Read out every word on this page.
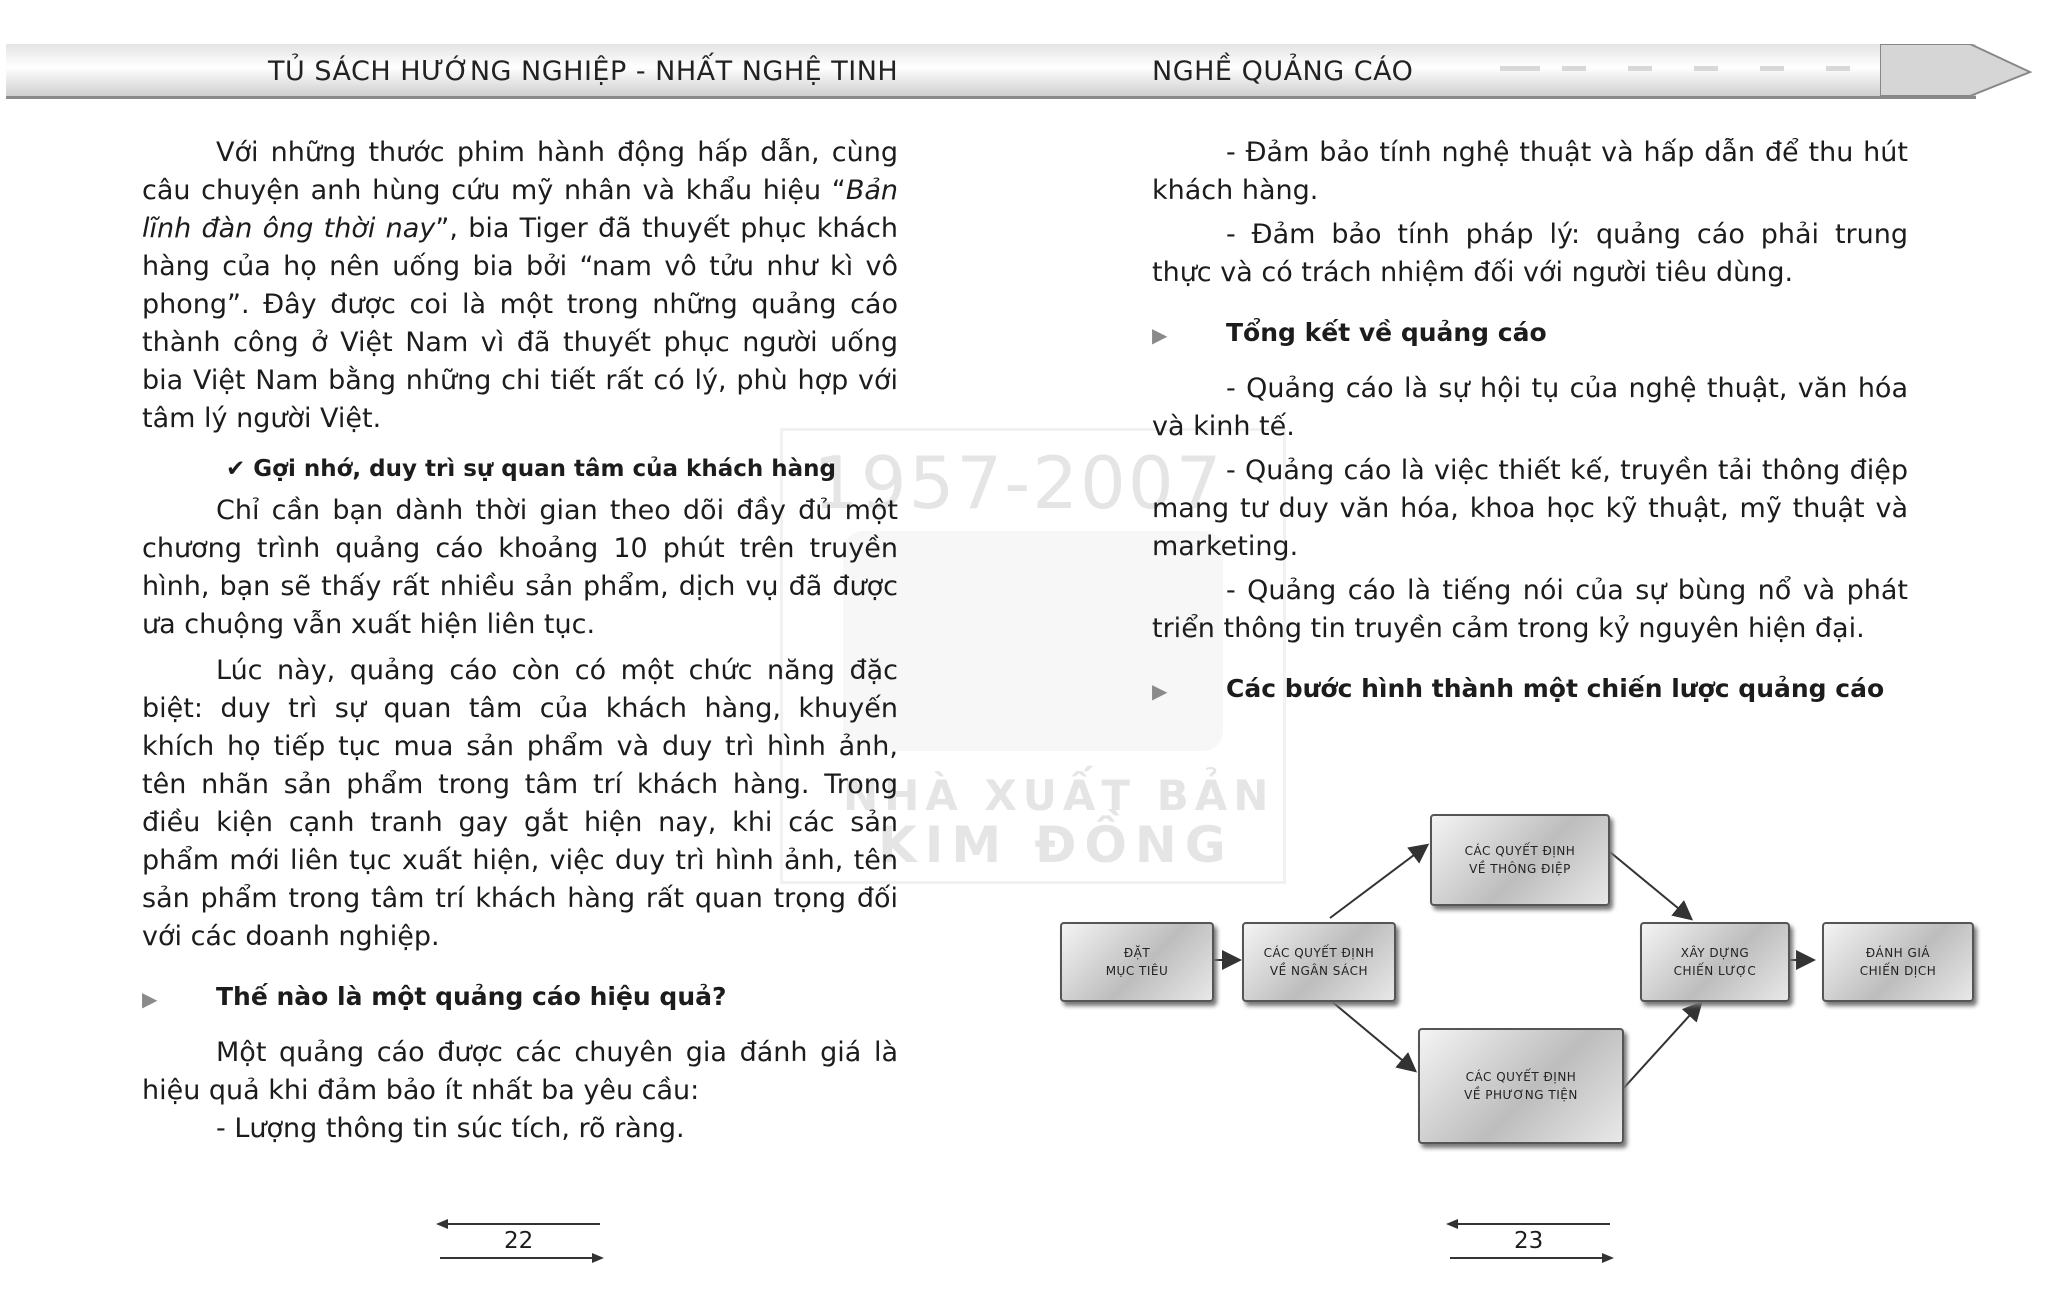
TỦ SÁCH HƯỚNG NGHIỆP - NHẤT NGHỆ TINH	NGHỀ QUẢNG CÁO
1957-2007
NHÀ XUẤT BẢN
KIM ĐỒNG

Với những thước phim hành động hấp dẫn, cùng câu chuyện anh hùng cứu mỹ nhân và khẩu hiệu “Bản lĩnh đàn ông thời nay”, bia Tiger đã thuyết phục khách hàng của họ nên uống bia bởi “nam vô tửu như kì vô phong”. Đây được coi là một trong những quảng cáo thành công ở Việt Nam vì đã thuyết phục người uống bia Việt Nam bằng những chi tiết rất có lý, phù hợp với tâm lý người Việt.

✔ Gợi nhớ, duy trì sự quan tâm của khách hàng

Chỉ cần bạn dành thời gian theo dõi đầy đủ một chương trình quảng cáo khoảng 10 phút trên truyền hình, bạn sẽ thấy rất nhiều sản phẩm, dịch vụ đã được ưa chuộng vẫn xuất hiện liên tục.

Lúc này, quảng cáo còn có một chức năng đặc biệt: duy trì sự quan tâm của khách hàng, khuyến khích họ tiếp tục mua sản phẩm và duy trì hình ảnh, tên nhãn sản phẩm trong tâm trí khách hàng. Trong điều kiện cạnh tranh gay gắt hiện nay, khi các sản phẩm mới liên tục xuất hiện, việc duy trì hình ảnh, tên sản phẩm trong tâm trí khách hàng rất quan trọng đối với các doanh nghiệp.

▶ Thế nào là một quảng cáo hiệu quả?

Một quảng cáo được các chuyên gia đánh giá là hiệu quả khi đảm bảo ít nhất ba yêu cầu:

- Lượng thông tin súc tích, rõ ràng.

- Đảm bảo tính nghệ thuật và hấp dẫn để thu hút khách hàng.

- Đảm bảo tính pháp lý: quảng cáo phải trung thực và có trách nhiệm đối với người tiêu dùng.

▶ Tổng kết về quảng cáo

- Quảng cáo là sự hội tụ của nghệ thuật, văn hóa và kinh tế.

- Quảng cáo là việc thiết kế, truyền tải thông điệp mang tư duy văn hóa, khoa học kỹ thuật, mỹ thuật và marketing.

- Quảng cáo là tiếng nói của sự bùng nổ và phát triển thông tin truyền cảm trong kỷ nguyên hiện đại.

▶ Các bước hình thành một chiến lược quảng cáo

ĐẶT
MỤC TIÊU
CÁC QUYẾT ĐỊNH
VỀ NGÂN SÁCH
CÁC QUYẾT ĐỊNH
VỀ THÔNG ĐIỆP
CÁC QUYẾT ĐỊNH
VỀ PHƯƠNG TIỆN
XÂY DỰNG
CHIẾN LƯỢC
ĐÁNH GIÁ
CHIẾN DỊCH
22	23
